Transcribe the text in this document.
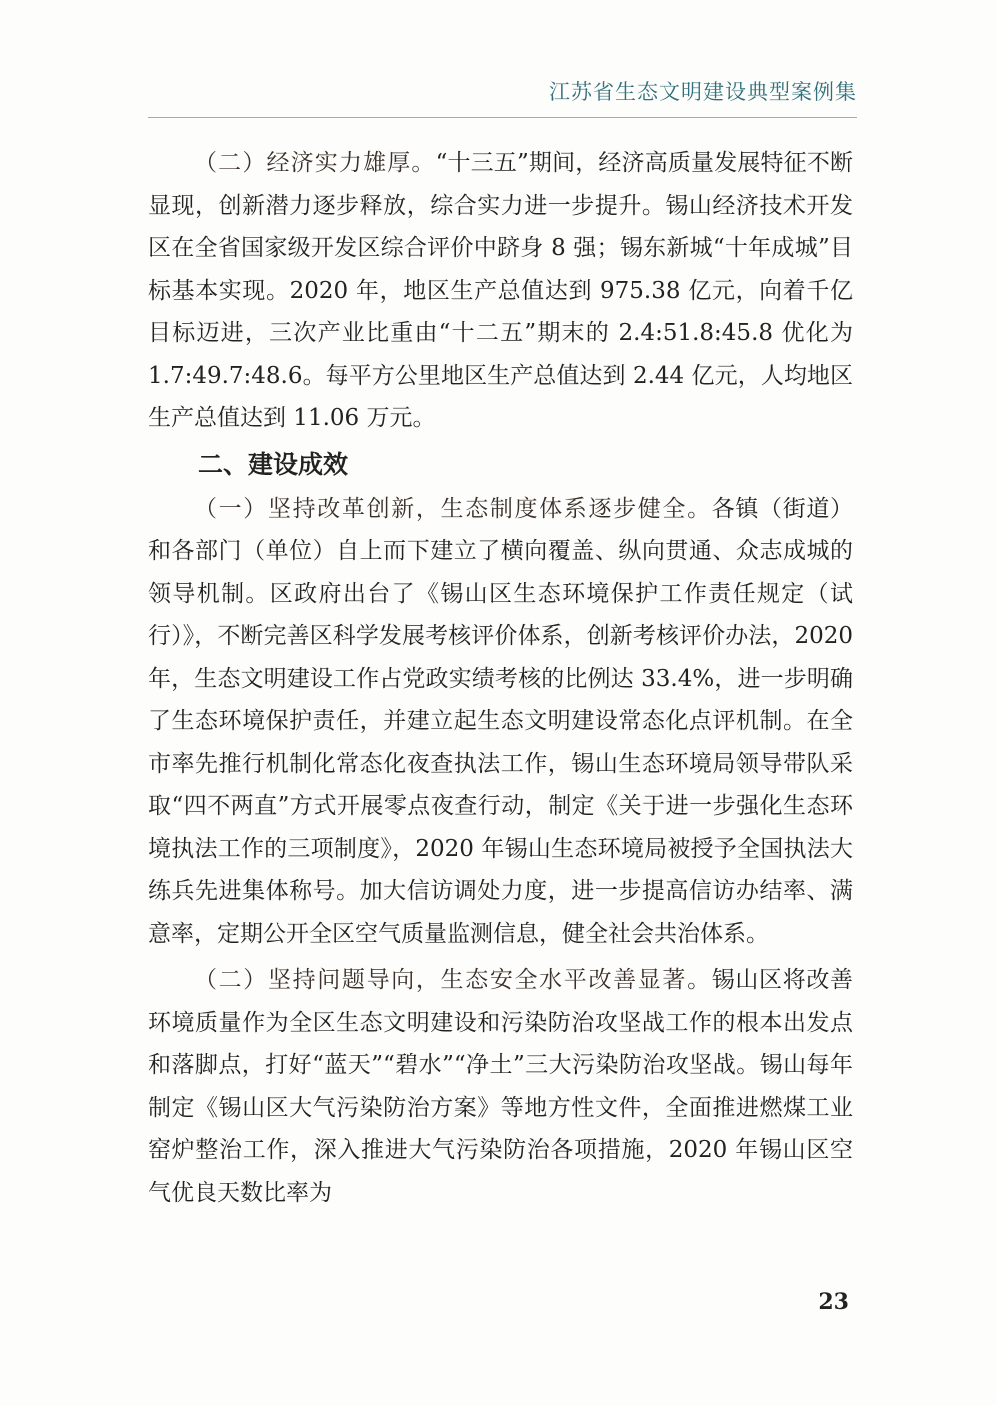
江苏省生态文明建设典型案例集

（二）经济实力雄厚。“十三五”期间，经济高质量发展特征不断显现，创新潜力逐步释放，综合实力进一步提升。锡山经济技术开发区在全省国家级开发区综合评价中跻身 8 强；锡东新城“十年成城”目标基本实现。2020 年，地区生产总值达到 975.38 亿元，向着千亿目标迈进，三次产业比重由“十二五”期末的 2.4:51.8:45.8 优化为 1.7:49.7:48.6。每平方公里地区生产总值达到 2.44 亿元，人均地区生产总值达到 11.06 万元。

二、建设成效

（一）坚持改革创新，生态制度体系逐步健全。各镇（街道）和各部门（单位）自上而下建立了横向覆盖、纵向贯通、众志成城的领导机制。区政府出台了《锡山区生态环境保护工作责任规定（试行）》，不断完善区科学发展考核评价体系，创新考核评价办法，2020 年，生态文明建设工作占党政实绩考核的比例达 33.4%，进一步明确了生态环境保护责任，并建立起生态文明建设常态化点评机制。在全市率先推行机制化常态化夜查执法工作，锡山生态环境局领导带队采取“四不两直”方式开展零点夜查行动，制定《关于进一步强化生态环境执法工作的三项制度》，2020 年锡山生态环境局被授予全国执法大练兵先进集体称号。加大信访调处力度，进一步提高信访办结率、满意率，定期公开全区空气质量监测信息，健全社会共治体系。

（二）坚持问题导向，生态安全水平改善显著。锡山区将改善环境质量作为全区生态文明建设和污染防治攻坚战工作的根本出发点和落脚点，打好“蓝天”“碧水”“净土”三大污染防治攻坚战。锡山每年制定《锡山区大气污染防治方案》等地方性文件，全面推进燃煤工业窑炉整治工作，深入推进大气污染防治各项措施，2020 年锡山区空气优良天数比率为

23
